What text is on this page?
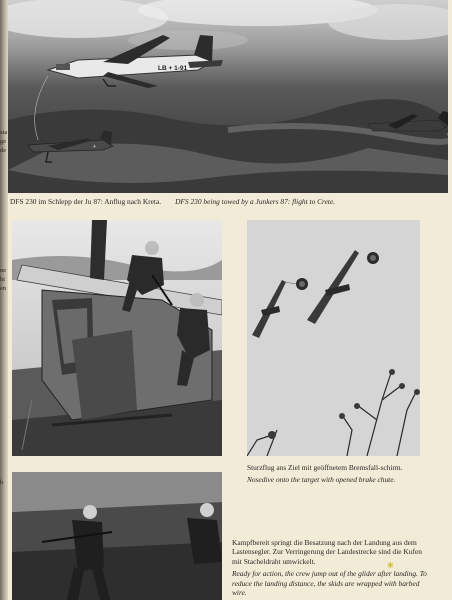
sta
ge
de
ne
ht
en
h
LB + 1-91
+
DFS 230 im Schlepp der Ju 87: Anflug nach Kreta. DFS 230 being towed by a Junkers 87: flight to Crete.
Sturzflug ans Ziel mit geöffnetem Bremsfall-schirm.
Nosedive onto the target with opened brake chute.
Kampfbereit springt die Besatzung nach der Landung aus dem Lastensegler. Zur Verringerung der Landestrecke sind die Kufen mit Stacheldraht umwickelt.
Ready for action, the crew jump out of the glider after landing. To reduce the landing distance, the skids are wrapped with barbed wire.
✱
